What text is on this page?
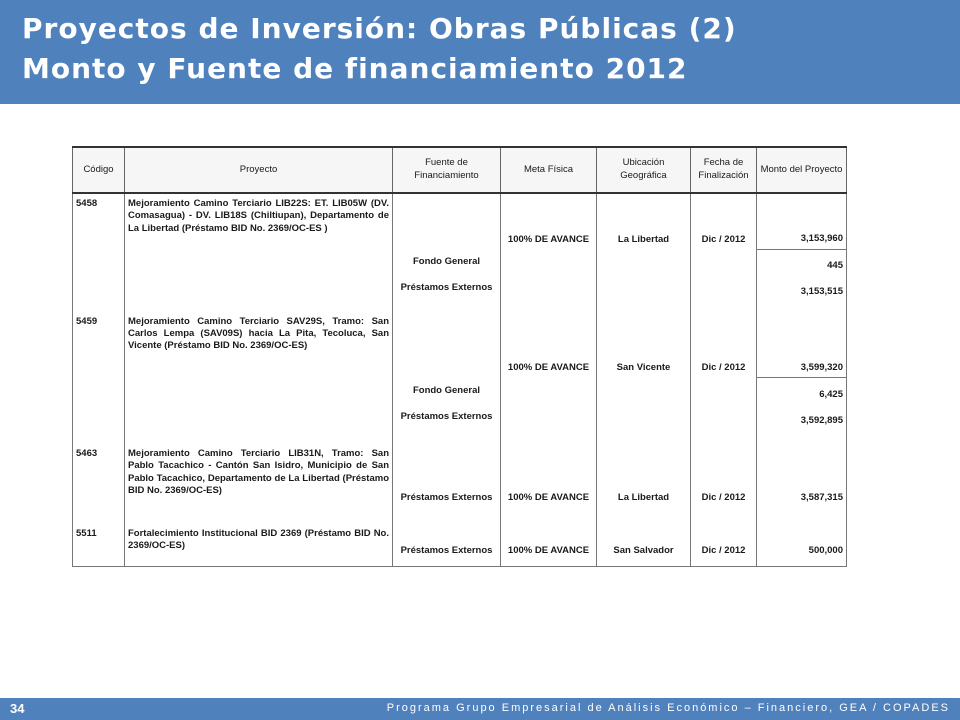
Proyectos de Inversión: Obras Públicas (2)
Monto y Fuente de financiamiento 2012
Código	Proyecto	Fuente de Financiamiento	Meta Física	Ubicación Geográfica	Fecha de Finalización	Monto del Proyecto
5458	Mejoramiento Camino Terciario LIB22S: ET. LIB05W (DV. Comasagua) - DV. LIB18S (Chiltiupan), Departamento de La Libertad (Préstamo BID No. 2369/OC-ES )		100% DE AVANCE	La Libertad	Dic / 2012	3,153,960
		Fondo General				445
		Préstamos Externos				3,153,515
5459	Mejoramiento Camino Terciario SAV29S, Tramo: San Carlos Lempa (SAV09S) hacia La Pita, Tecoluca, San Vicente (Préstamo BID No. 2369/OC-ES)		100% DE AVANCE	San Vicente	Dic / 2012	3,599,320
		Fondo General				6,425
		Préstamos Externos				3,592,895
5463	Mejoramiento Camino Terciario LIB31N, Tramo: San Pablo Tacachico - Cantón San Isidro, Municipio de San Pablo Tacachico, Departamento de La Libertad (Préstamo BID No. 2369/OC-ES)	Préstamos Externos	100% DE AVANCE	La Libertad	Dic / 2012	3,587,315
5511	Fortalecimiento Institucional BID 2369 (Préstamo BID No. 2369/OC-ES)	Préstamos Externos	100% DE AVANCE	San Salvador	Dic / 2012	500,000
34	Programa Grupo Empresarial de Análisis Económico – Financiero, GEA / COPADES
